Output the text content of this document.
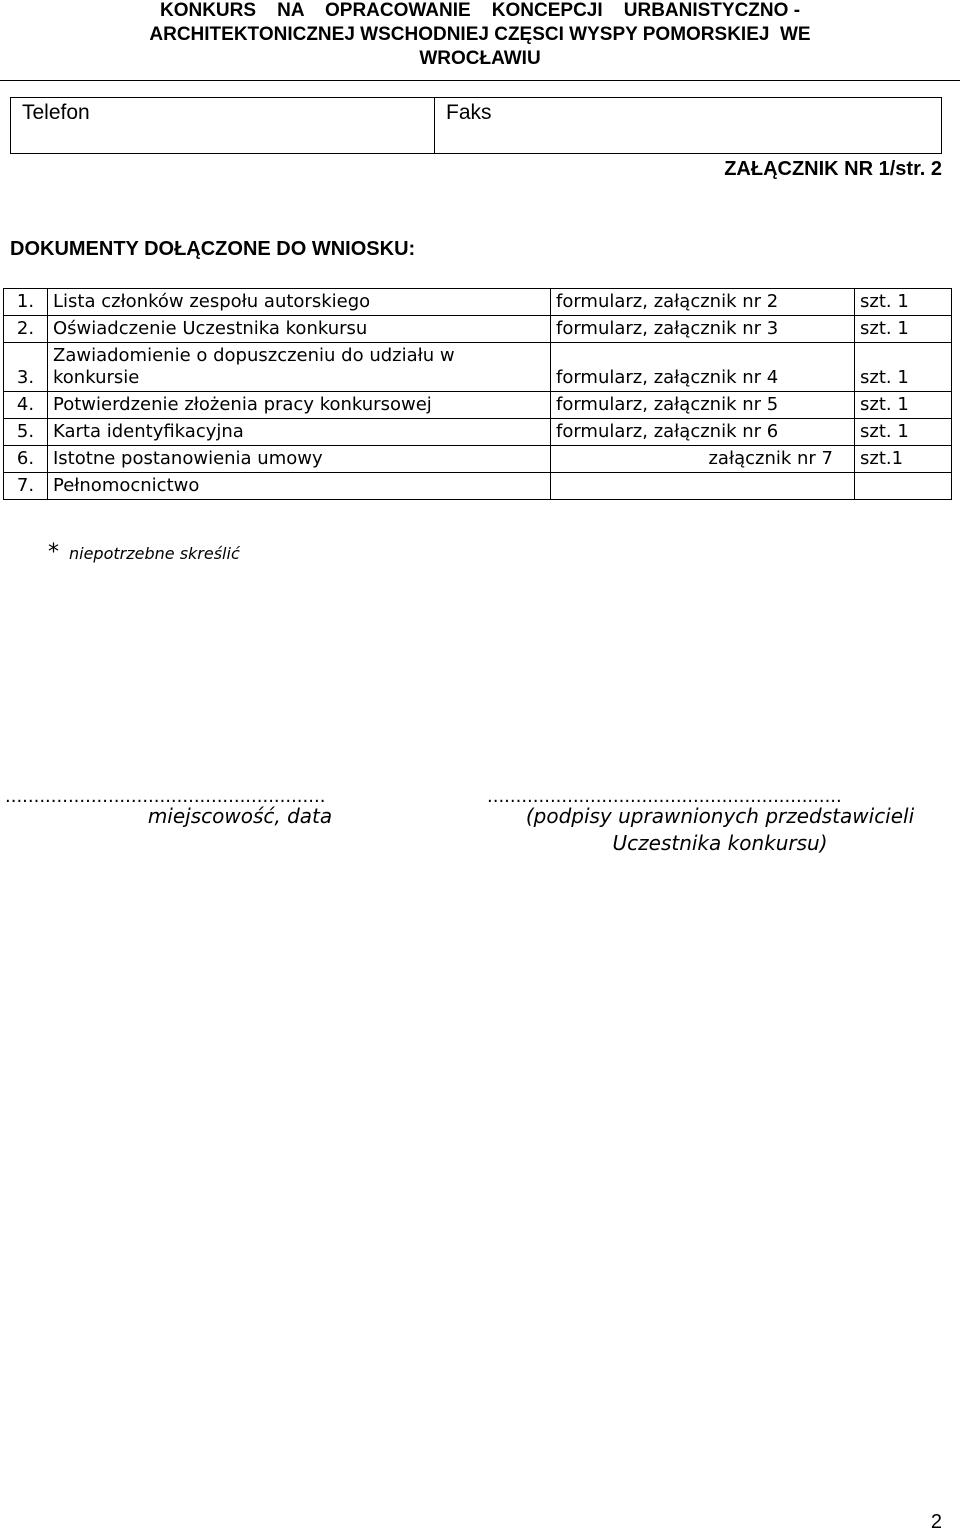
KONKURS    NA    OPRACOWANIE    KONCEPCJI    URBANISTYCZNO -
ARCHITEKTONICZNEJ WSCHODNIEJ CZĘSCI WYSPY POMORSKIEJ  WE
WROCŁAWIU
Telefon	Faks
ZAŁĄCZNIK NR 1/str. 2
DOKUMENTY DOŁĄCZONE DO WNIOSKU:
1.	Lista członków zespołu autorskiego	formularz, załącznik nr 2	szt. 1
2.	Oświadczenie Uczestnika konkursu	formularz, załącznik nr 3	szt. 1
3.	Zawiadomienie o dopuszczeniu do udziału w konkursie	formularz, załącznik nr 4	szt. 1
4.	Potwierdzenie złożenia pracy konkursowej	formularz, załącznik nr 5	szt. 1
5.	Karta identyfikacyjna	formularz, załącznik nr 6	szt. 1
6.	Istotne postanowienia umowy	załącznik nr 7	szt.1
7.	Pełnomocnictwo		
* niepotrzebne skreślić
........................................................	..............................................................
miejscowość, data	(podpisy uprawnionych przedstawicieli
Uczestnika konkursu)
2
